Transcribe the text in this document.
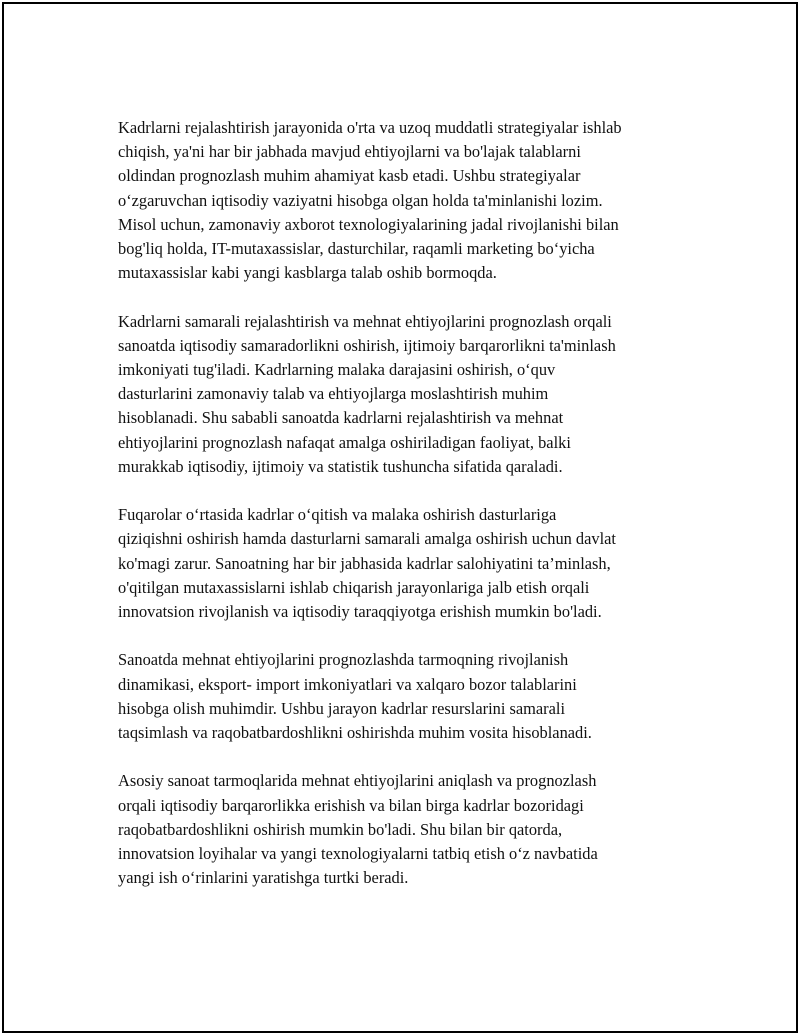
Kadrlarni rejalashtirish jarayonida o'rta va uzoq muddatli strategiyalar ishlab
chiqish, ya'ni har bir jabhada mavjud ehtiyojlarni va bo'lajak talablarni
oldindan prognozlash muhim ahamiyat kasb etadi. Ushbu strategiyalar
o‘zgaruvchan iqtisodiy vaziyatni hisobga olgan holda ta'minlanishi lozim.
Misol uchun, zamonaviy axborot texnologiyalarining jadal rivojlanishi bilan
bog'liq holda, IT-mutaxassislar, dasturchilar, raqamli marketing bo‘yicha
mutaxassislar kabi yangi kasblarga talab oshib bormoqda.

Kadrlarni samarali rejalashtirish va mehnat ehtiyojlarini prognozlash orqali
sanoatda iqtisodiy samaradorlikni oshirish, ijtimoiy barqarorlikni ta'minlash
imkoniyati tug'iladi. Kadrlarning malaka darajasini oshirish, o‘quv
dasturlarini zamonaviy talab va ehtiyojlarga moslashtirish muhim
hisoblanadi. Shu sababli sanoatda kadrlarni rejalashtirish va mehnat
ehtiyojlarini prognozlash nafaqat amalga oshiriladigan faoliyat, balki
murakkab iqtisodiy, ijtimoiy va statistik tushuncha sifatida qaraladi.

Fuqarolar o‘rtasida kadrlar o‘qitish va malaka oshirish dasturlariga
qiziqishni oshirish hamda dasturlarni samarali amalga oshirish uchun davlat
ko'magi zarur. Sanoatning har bir jabhasida kadrlar salohiyatini ta’minlash,
o'qitilgan mutaxassislarni ishlab chiqarish jarayonlariga jalb etish orqali
innovatsion rivojlanish va iqtisodiy taraqqiyotga erishish mumkin bo'ladi.

Sanoatda mehnat ehtiyojlarini prognozlashda tarmoqning rivojlanish
dinamikasi, eksport- import imkoniyatlari va xalqaro bozor talablarini
hisobga olish muhimdir. Ushbu jarayon kadrlar resurslarini samarali
taqsimlash va raqobatbardoshlikni oshirishda muhim vosita hisoblanadi.

Asosiy sanoat tarmoqlarida mehnat ehtiyojlarini aniqlash va prognozlash
orqali iqtisodiy barqarorlikka erishish va bilan birga kadrlar bozoridagi
raqobatbardoshlikni oshirish mumkin bo'ladi. Shu bilan bir qatorda,
innovatsion loyihalar va yangi texnologiyalarni tatbiq etish o‘z navbatida
yangi ish o‘rinlarini yaratishga turtki beradi.
